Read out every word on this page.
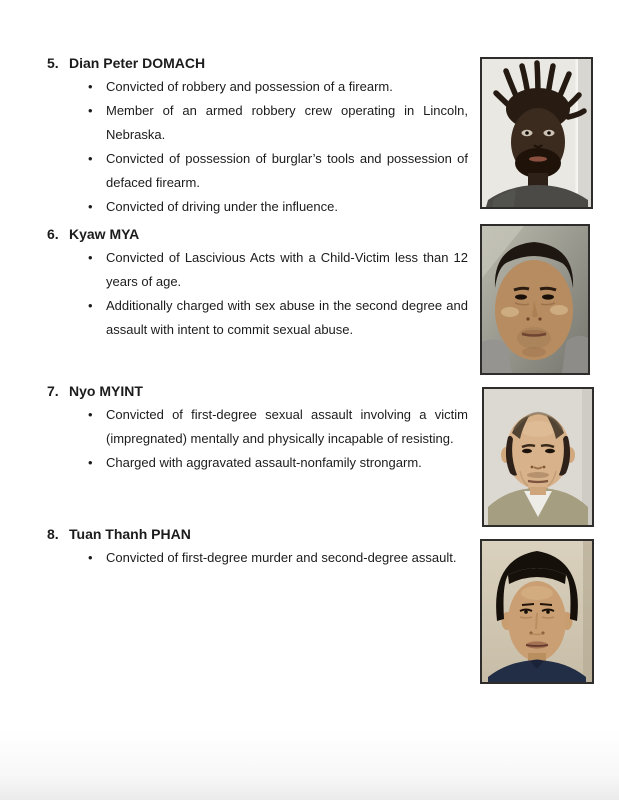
5. Dian Peter DOMACH
•	Convicted of robbery and possession of a firearm.
•	Member of an armed robbery crew operating in Lincoln,
Nebraska.
•	Convicted of possession of burglar’s tools and possession of
defaced firearm.
•	Convicted of driving under the influence.
6. Kyaw MYA
•	Convicted of Lascivious Acts with a Child-Victim less than 12
years of age.
•	Additionally charged with sex abuse in the second degree and
assault with intent to commit sexual abuse.
7. Nyo MYINT
•	Convicted of first-degree sexual assault involving a victim
(impregnated) mentally and physically incapable of resisting.
•	Charged with aggravated assault-nonfamily strongarm.
8. Tuan Thanh PHAN
•	Convicted of first-degree murder and second-degree assault.
